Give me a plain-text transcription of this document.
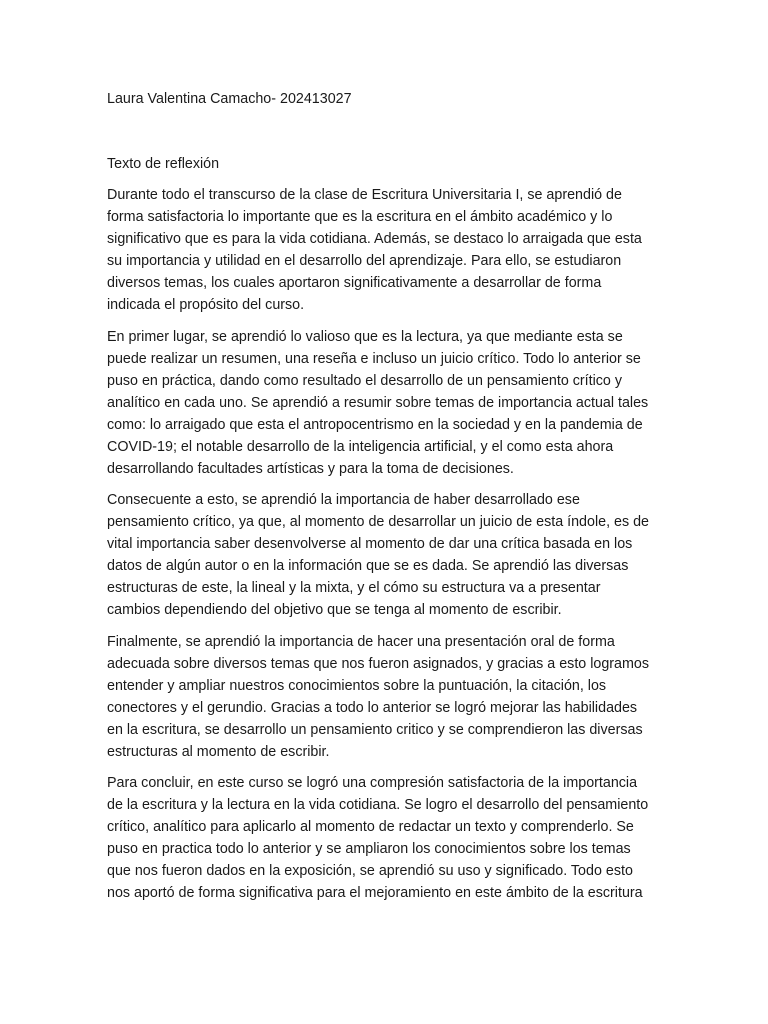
Laura Valentina Camacho- 202413027

Texto de reflexión

Durante todo el transcurso de la clase de Escritura Universitaria I, se aprendió de
forma satisfactoria lo importante que es la escritura en el ámbito académico y lo
significativo que es para la vida cotidiana. Además, se destaco lo arraigada que esta
su importancia y utilidad en el desarrollo del aprendizaje. Para ello, se estudiaron
diversos temas, los cuales aportaron significativamente a desarrollar de forma
indicada el propósito del curso.

En primer lugar, se aprendió lo valioso que es la lectura, ya que mediante esta se
puede realizar un resumen, una reseña e incluso un juicio crítico. Todo lo anterior se
puso en práctica, dando como resultado el desarrollo de un pensamiento crítico y
analítico en cada uno. Se aprendió a resumir sobre temas de importancia actual tales
como: lo arraigado que esta el antropocentrismo en la sociedad y en la pandemia de
COVID-19; el notable desarrollo de la inteligencia artificial, y el como esta ahora
desarrollando facultades artísticas y para la toma de decisiones.

Consecuente a esto, se aprendió la importancia de haber desarrollado ese
pensamiento crítico, ya que, al momento de desarrollar un juicio de esta índole, es de
vital importancia saber desenvolverse al momento de dar una crítica basada en los
datos de algún autor o en la información que se es dada. Se aprendió las diversas
estructuras de este, la lineal y la mixta, y el cómo su estructura va a presentar
cambios dependiendo del objetivo que se tenga al momento de escribir.

Finalmente, se aprendió la importancia de hacer una presentación oral de forma
adecuada sobre diversos temas que nos fueron asignados, y gracias a esto logramos
entender y ampliar nuestros conocimientos sobre la puntuación, la citación, los
conectores y el gerundio. Gracias a todo lo anterior se logró mejorar las habilidades
en la escritura, se desarrollo un pensamiento critico y se comprendieron las diversas
estructuras al momento de escribir.

Para concluir, en este curso se logró una compresión satisfactoria de la importancia
de la escritura y la lectura en la vida cotidiana. Se logro el desarrollo del pensamiento
crítico, analítico para aplicarlo al momento de redactar un texto y comprenderlo. Se
puso en practica todo lo anterior y se ampliaron los conocimientos sobre los temas
que nos fueron dados en la exposición, se aprendió su uso y significado. Todo esto
nos aportó de forma significativa para el mejoramiento en este ámbito de la escritura
